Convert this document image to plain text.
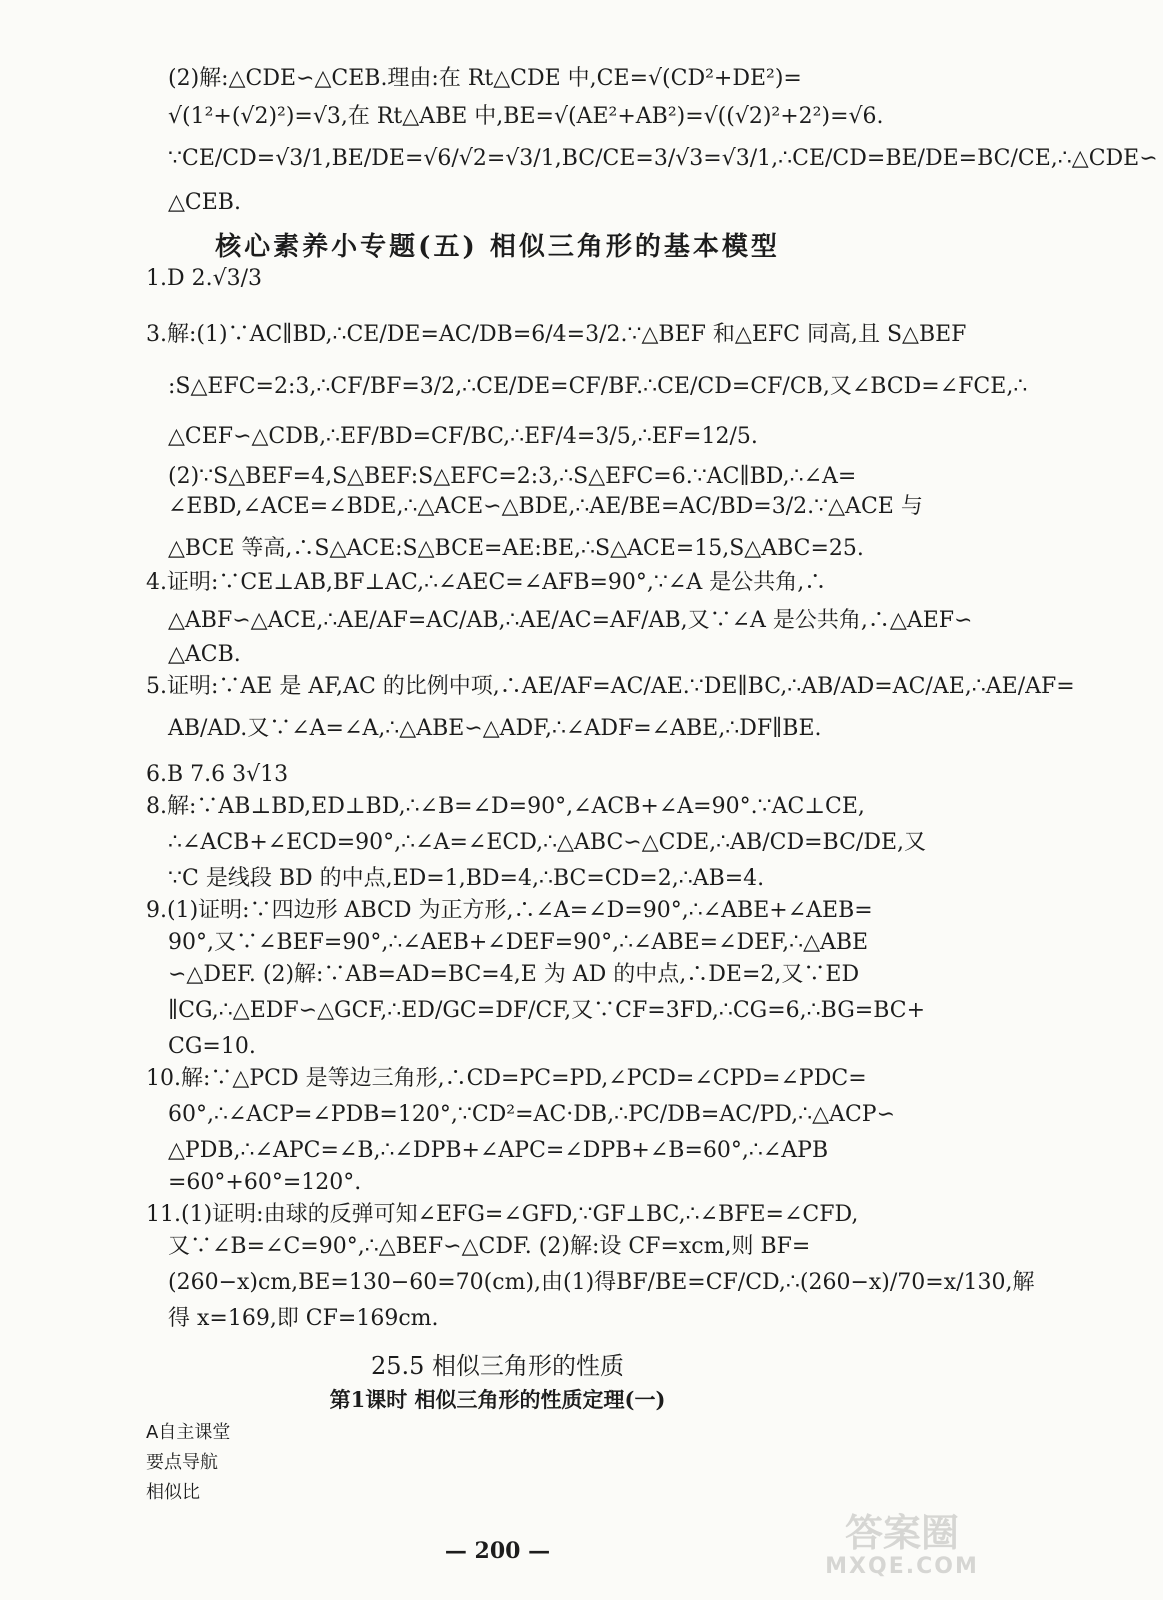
(2)解:△CDE∽△CEB.理由:在 Rt△CDE 中,CE=√(CD²+DE²)=
√(1²+(√2)²)=√3,在 Rt△ABE 中,BE=√(AE²+AB²)=√((√2)²+2²)=√6.
∵CE/CD=√3/1,BE/DE=√6/√2=√3/1,BC/CE=3/√3=√3/1,∴CE/CD=BE/DE=BC/CE,∴△CDE∽
△CEB.
1.D 2.√3/3
3.解:(1)∵AC∥BD,∴CE/DE=AC/DB=6/4=3/2.∵△BEF 和△EFC 同高,且 S△BEF
:S△EFC=2:3,∴CF/BF=3/2,∴CE/DE=CF/BF.∴CE/CD=CF/CB,又∠BCD=∠FCE,∴
△CEF∽△CDB,∴EF/BD=CF/BC,∴EF/4=3/5,∴EF=12/5.
(2)∵S△BEF=4,S△BEF:S△EFC=2:3,∴S△EFC=6.∵AC∥BD,∴∠A=
∠EBD,∠ACE=∠BDE,∴△ACE∽△BDE,∴AE/BE=AC/BD=3/2.∵△ACE 与
△BCE 等高,∴S△ACE:S△BCE=AE:BE,∴S△ACE=15,S△ABC=25.
4.证明:∵CE⊥AB,BF⊥AC,∴∠AEC=∠AFB=90°,∵∠A 是公共角,∴
△ABF∽△ACE,∴AE/AF=AC/AB,∴AE/AC=AF/AB,又∵∠A 是公共角,∴△AEF∽
△ACB.
5.证明:∵AE 是 AF,AC 的比例中项,∴AE/AF=AC/AE.∵DE∥BC,∴AB/AD=AC/AE,∴AE/AF=
AB/AD.又∵∠A=∠A,∴△ABE∽△ADF,∴∠ADF=∠ABE,∴DF∥BE.
6.B 7.6 3√13
8.解:∵AB⊥BD,ED⊥BD,∴∠B=∠D=90°,∠ACB+∠A=90°.∵AC⊥CE,
∴∠ACB+∠ECD=90°,∴∠A=∠ECD,∴△ABC∽△CDE,∴AB/CD=BC/DE,又
∵C 是线段 BD 的中点,ED=1,BD=4,∴BC=CD=2,∴AB=4.
9.(1)证明:∵四边形 ABCD 为正方形,∴∠A=∠D=90°,∴∠ABE+∠AEB=
90°,又∵∠BEF=90°,∴∠AEB+∠DEF=90°,∴∠ABE=∠DEF,∴△ABE
∽△DEF. (2)解:∵AB=AD=BC=4,E 为 AD 的中点,∴DE=2,又∵ED
∥CG,∴△EDF∽△GCF,∴ED/GC=DF/CF,又∵CF=3FD,∴CG=6,∴BG=BC+
CG=10.
10.解:∵△PCD 是等边三角形,∴CD=PC=PD,∠PCD=∠CPD=∠PDC=
60°,∴∠ACP=∠PDB=120°,∵CD²=AC·DB,∴PC/DB=AC/PD,∴△ACP∽
△PDB,∴∠APC=∠B,∴∠DPB+∠APC=∠DPB+∠B=60°,∴∠APB
=60°+60°=120°.
11.(1)证明:由球的反弹可知∠EFG=∠GFD,∵GF⊥BC,∴∠BFE=∠CFD,
又∵∠B=∠C=90°,∴△BEF∽△CDF. (2)解:设 CF=xcm,则 BF=
(260−x)cm,BE=130−60=70(cm),由(1)得BF/BE=CF/CD,∴(260−x)/70=x/130,解
得 x=169,即 CF=169cm.
核心素养小专题(五) 相似三角形的基本模型
25.5 相似三角形的性质
第1课时 相似三角形的性质定理(一)
A自主课堂
要点导航
相似比
— 200 —	答案圈
MXQE.COM
